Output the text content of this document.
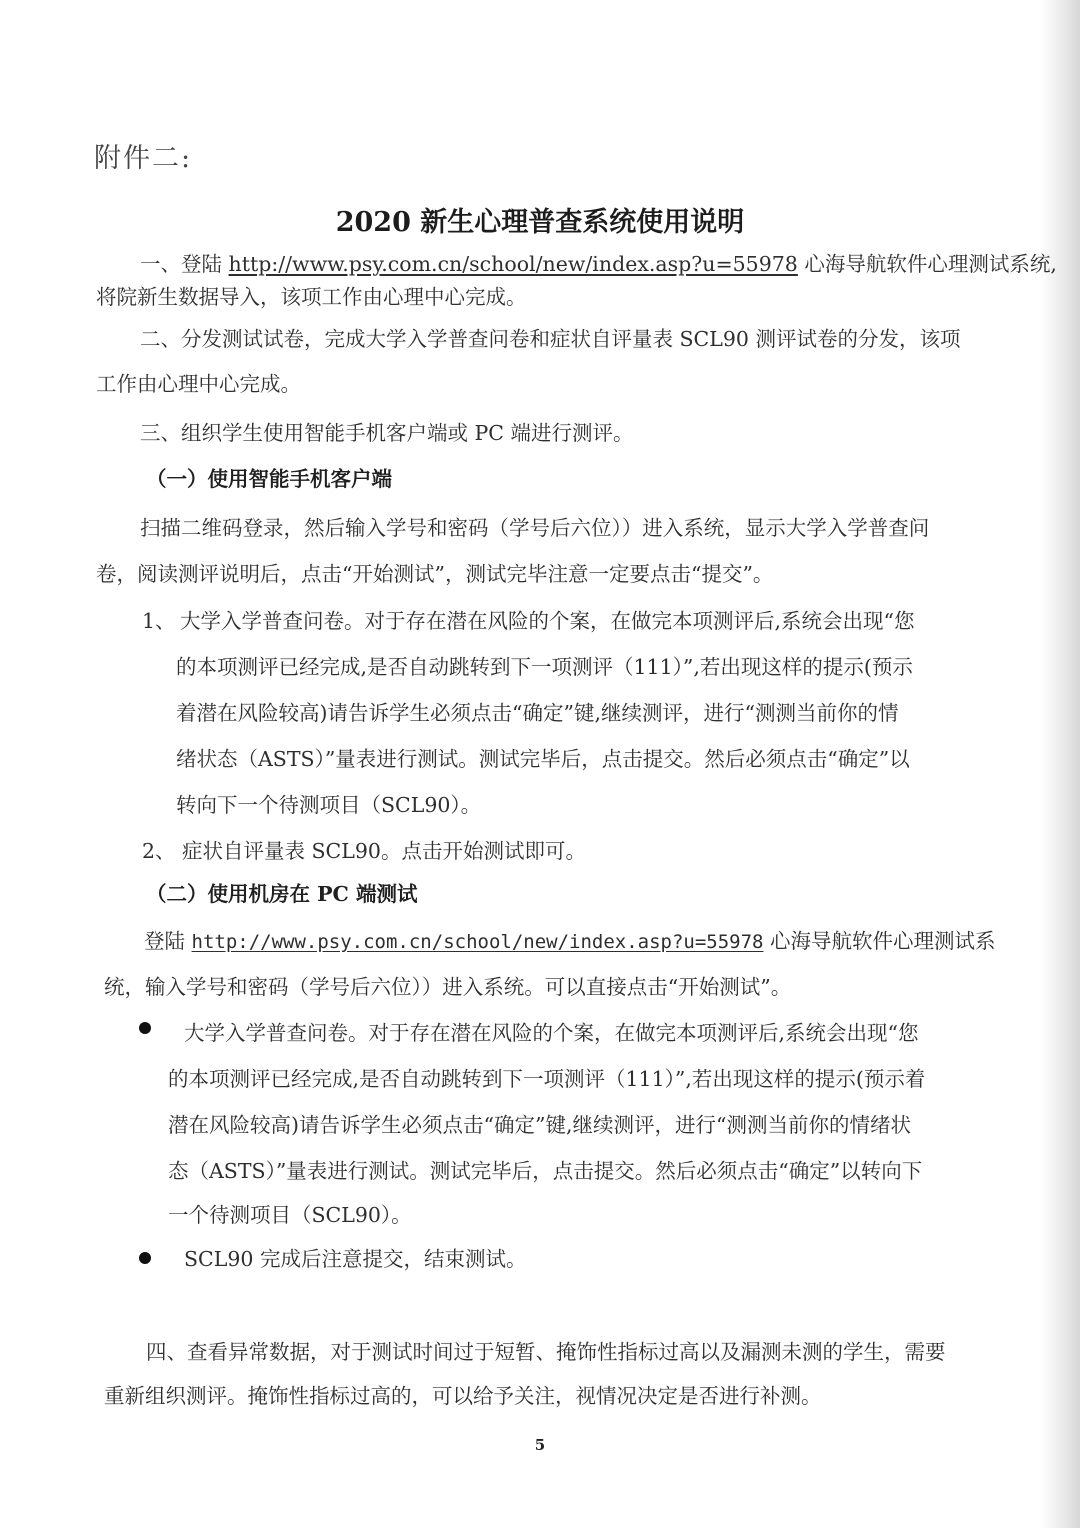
附件二:
2020 新生心理普查系统使用说明
一、登陆 http://www.psy.com.cn/school/new/index.asp?u=55978 心海导航软件心理测试系统,
将院新生数据导入，该项工作由心理中心完成。
二、分发测试试卷，完成大学入学普查问卷和症状自评量表 SCL90 测评试卷的分发，该项
工作由心理中心完成。
三、组织学生使用智能手机客户端或 PC 端进行测评。
（一）使用智能手机客户端
扫描二维码登录，然后输入学号和密码（学号后六位））进入系统，显示大学入学普查问
卷，阅读测评说明后，点击“开始测试”，测试完毕注意一定要点击“提交”。
1、 大学入学普查问卷。对于存在潜在风险的个案，在做完本项测评后,系统会出现“您
的本项测评已经完成,是否自动跳转到下一项测评（111）”,若出现这样的提示(预示
着潜在风险较高)请告诉学生必须点击“确定”键,继续测评，进行“测测当前你的情
绪状态（ASTS）”量表进行测试。测试完毕后，点击提交。然后必须点击“确定”以
转向下一个待测项目（SCL90）。
2、 症状自评量表 SCL90。点击开始测试即可。
（二）使用机房在 PC 端测试
登陆 http://www.psy.com.cn/school/new/index.asp?u=55978 心海导航软件心理测试系
统，输入学号和密码（学号后六位））进入系统。可以直接点击“开始测试”。
大学入学普查问卷。对于存在潜在风险的个案，在做完本项测评后,系统会出现“您
的本项测评已经完成,是否自动跳转到下一项测评（111）”,若出现这样的提示(预示着
潜在风险较高)请告诉学生必须点击“确定”键,继续测评，进行“测测当前你的情绪状
态（ASTS）”量表进行测试。测试完毕后，点击提交。然后必须点击“确定”以转向下
一个待测项目（SCL90）。
SCL90 完成后注意提交，结束测试。
四、查看异常数据，对于测试时间过于短暂、掩饰性指标过高以及漏测未测的学生，需要
重新组织测评。掩饰性指标过高的，可以给予关注，视情况决定是否进行补测。
5
